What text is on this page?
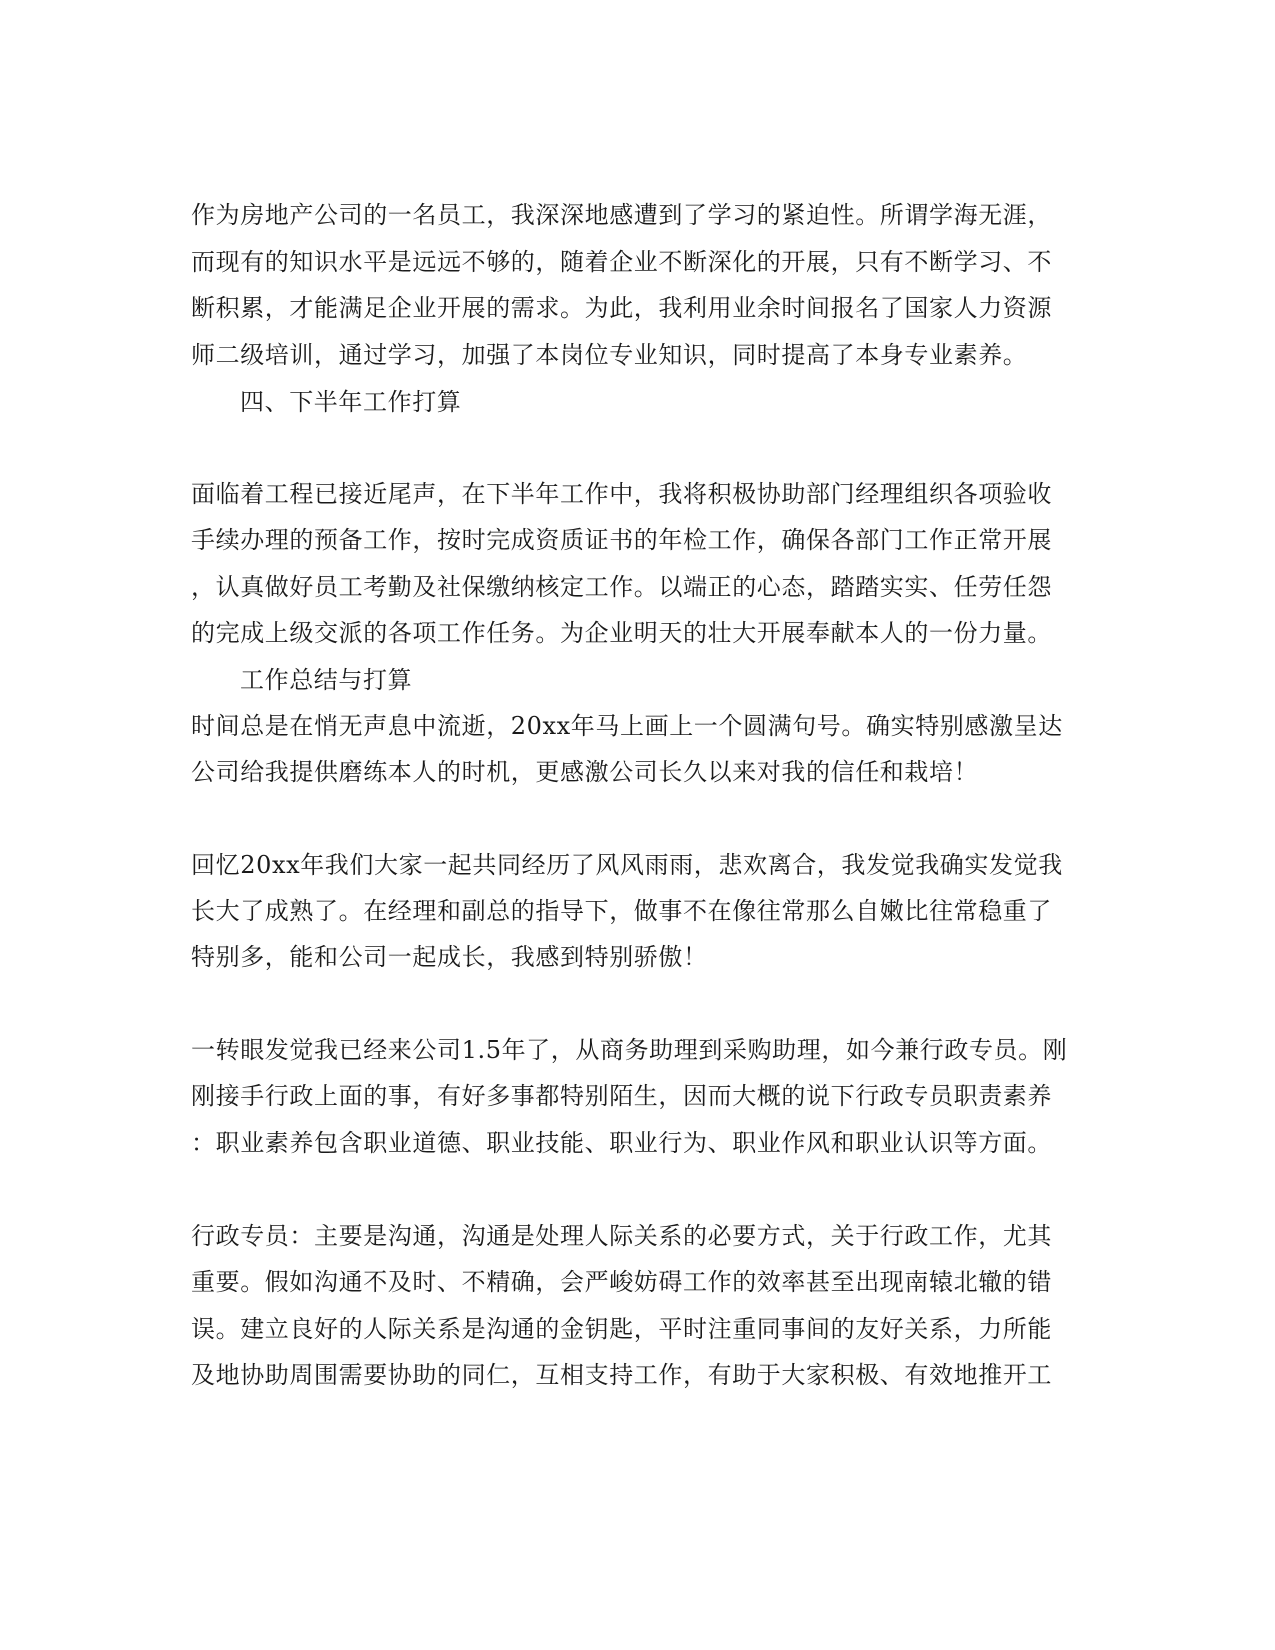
作为房地产公司的一名员工，我深深地感遭到了学习的紧迫性。所谓学海无涯，
而现有的知识水平是远远不够的，随着企业不断深化的开展，只有不断学习、不
断积累，才能满足企业开展的需求。为此，我利用业余时间报名了国家人力资源
师二级培训，通过学习，加强了本岗位专业知识，同时提高了本身专业素养。
四、下半年工作打算
面临着工程已接近尾声，在下半年工作中，我将积极协助部门经理组织各项验收
手续办理的预备工作，按时完成资质证书的年检工作，确保各部门工作正常开展
，认真做好员工考勤及社保缴纳核定工作。以端正的心态，踏踏实实、任劳任怨
的完成上级交派的各项工作任务。为企业明天的壮大开展奉献本人的一份力量。
工作总结与打算
时间总是在悄无声息中流逝，20xx年马上画上一个圆满句号。确实特别感激呈达
公司给我提供磨练本人的时机，更感激公司长久以来对我的信任和栽培！
回忆20xx年我们大家一起共同经历了风风雨雨，悲欢离合，我发觉我确实发觉我
长大了成熟了。在经理和副总的指导下，做事不在像往常那么自嫩比往常稳重了
特别多，能和公司一起成长，我感到特别骄傲！
一转眼发觉我已经来公司1.5年了，从商务助理到采购助理，如今兼行政专员。刚
刚接手行政上面的事，有好多事都特别陌生，因而大概的说下行政专员职责素养
：职业素养包含职业道德、职业技能、职业行为、职业作风和职业认识等方面。
行政专员：主要是沟通，沟通是处理人际关系的必要方式，关于行政工作，尤其
重要。假如沟通不及时、不精确，会严峻妨碍工作的效率甚至出现南辕北辙的错
误。建立良好的人际关系是沟通的金钥匙，平时注重同事间的友好关系，力所能
及地协助周围需要协助的同仁，互相支持工作，有助于大家积极、有效地推开工
